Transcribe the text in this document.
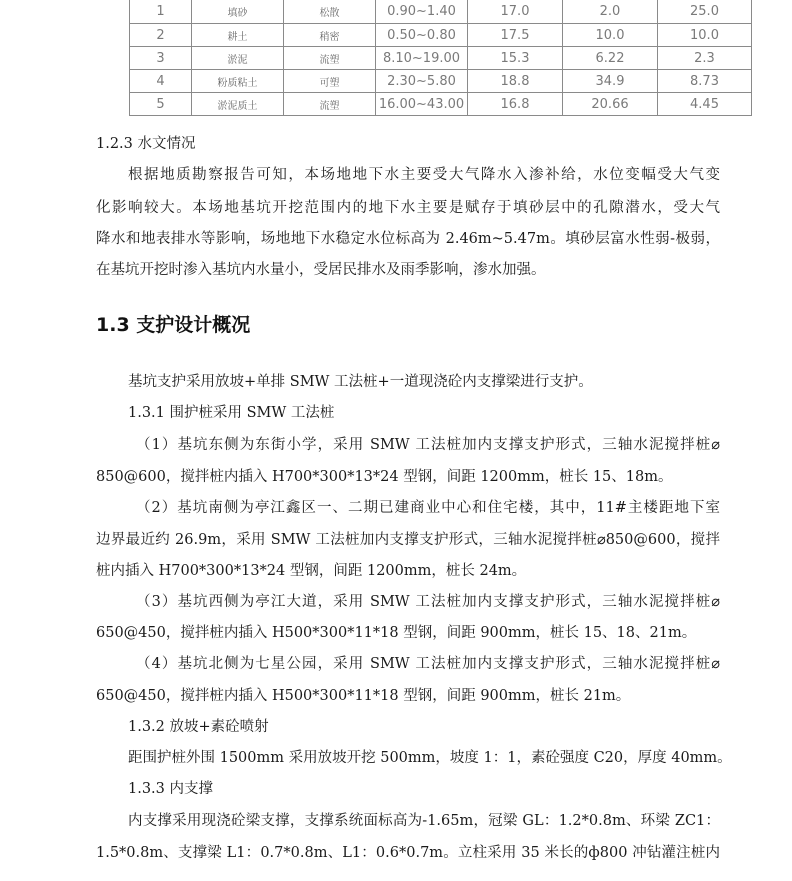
1	填砂	松散	0.90~1.40	17.0	2.0	25.0
2	耕土	稍密	0.50~0.80	17.5	10.0	10.0
3	淤泥	流塑	8.10~19.00	15.3	6.22	2.3
4	粉质粘土	可塑	2.30~5.80	18.8	34.9	8.73
5	淤泥质土	流塑	16.00~43.00	16.8	20.66	4.45
1.2.3 水文情况
根据地质勘察报告可知，本场地地下水主要受大气降水入渗补给，水位变幅受大气变
化影响较大。本场地基坑开挖范围内的地下水主要是赋存于填砂层中的孔隙潜水，受大气
降水和地表排水等影响，场地地下水稳定水位标高为 2.46m~5.47m。填砂层富水性弱-极弱，
在基坑开挖时渗入基坑内水量小，受居民排水及雨季影响，渗水加强。
1.3 支护设计概况
基坑支护采用放坡+单排 SMW 工法桩+一道现浇砼内支撑梁进行支护。
1.3.1 围护桩采用 SMW 工法桩
（1）基坑东侧为东街小学，采用 SMW 工法桩加内支撑支护形式，三轴水泥搅拌桩⌀
850@600，搅拌桩内插入 H700*300*13*24 型钢，间距 1200mm，桩长 15、18m。
（2）基坑南侧为亭江鑫区一、二期已建商业中心和住宅楼，其中，11#主楼距地下室
边界最近约 26.9m，采用 SMW 工法桩加内支撑支护形式，三轴水泥搅拌桩⌀850@600，搅拌
桩内插入 H700*300*13*24 型钢，间距 1200mm，桩长 24m。
（3）基坑西侧为亭江大道，采用 SMW 工法桩加内支撑支护形式，三轴水泥搅拌桩⌀
650@450，搅拌桩内插入 H500*300*11*18 型钢，间距 900mm，桩长 15、18、21m。
（4）基坑北侧为七星公园，采用 SMW 工法桩加内支撑支护形式，三轴水泥搅拌桩⌀
650@450，搅拌桩内插入 H500*300*11*18 型钢，间距 900mm，桩长 21m。
1.3.2 放坡+素砼喷射
距围护桩外围 1500mm 采用放坡开挖 500mm，坡度 1：1，素砼强度 C20，厚度 40mm。
1.3.3 内支撑
内支撑采用现浇砼梁支撑，支撑系统面标高为-1.65m，冠梁 GL：1.2*0.8m、环梁 ZC1：
1.5*0.8m、支撑梁 L1：0.7*0.8m、L1：0.6*0.7m。立柱采用 35 米长的ф800 冲钻灌注桩内
